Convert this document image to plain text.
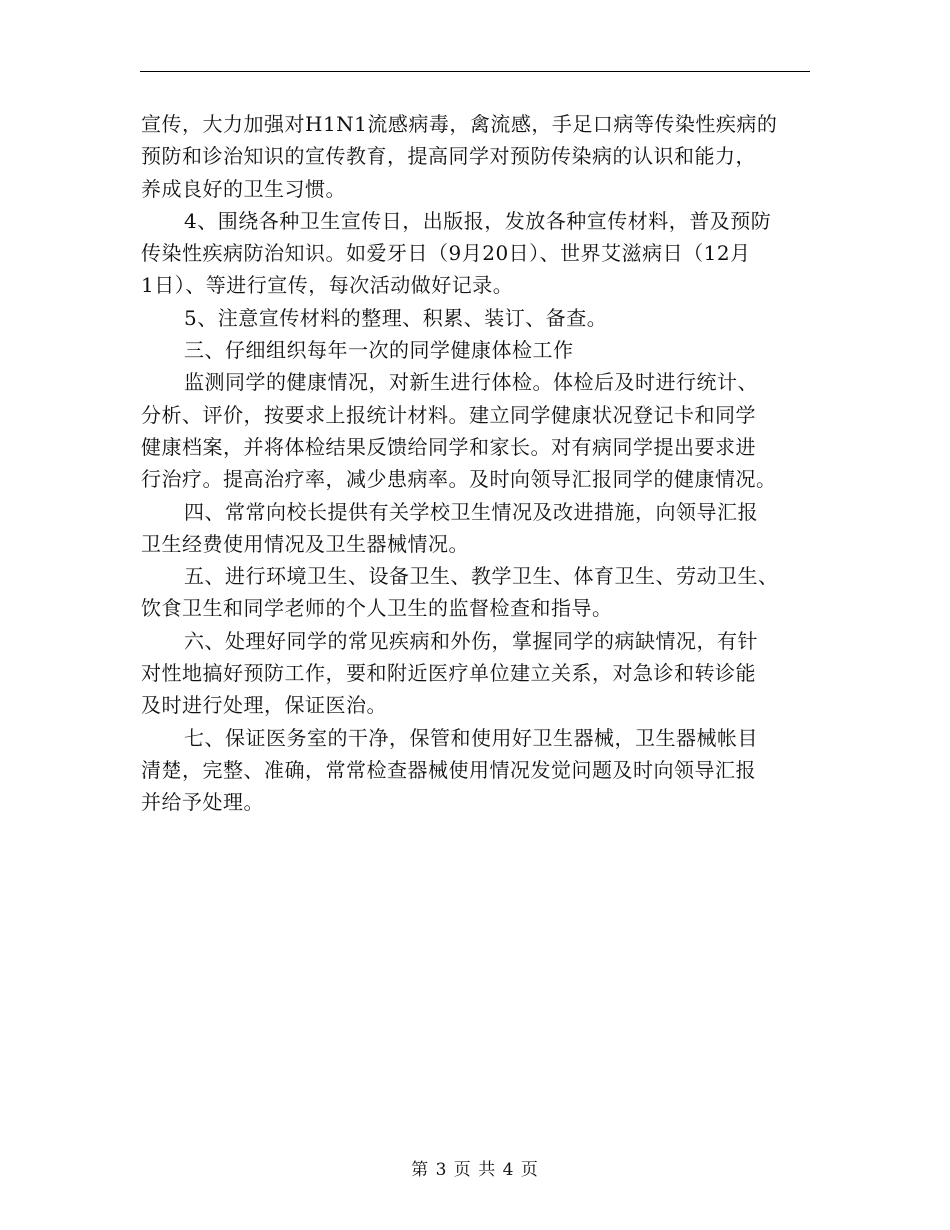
宣传，大力加强对H1N1流感病毒，禽流感，手足口病等传染性疾病的
预防和诊治知识的宣传教育，提高同学对预防传染病的认识和能力，
养成良好的卫生习惯。
4、围绕各种卫生宣传日，出版报，发放各种宣传材料，普及预防
传染性疾病防治知识。如爱牙日（9月20日）、世界艾滋病日（12月
1日）、等进行宣传，每次活动做好记录。
5、注意宣传材料的整理、积累、装订、备查。
三、仔细组织每年一次的同学健康体检工作
监测同学的健康情况，对新生进行体检。体检后及时进行统计、
分析、评价，按要求上报统计材料。建立同学健康状况登记卡和同学
健康档案，并将体检结果反馈给同学和家长。对有病同学提出要求进
行治疗。提高治疗率，减少患病率。及时向领导汇报同学的健康情况。
四、常常向校长提供有关学校卫生情况及改进措施，向领导汇报
卫生经费使用情况及卫生器械情况。
五、进行环境卫生、设备卫生、教学卫生、体育卫生、劳动卫生、
饮食卫生和同学老师的个人卫生的监督检查和指导。
六、处理好同学的常见疾病和外伤，掌握同学的病缺情况，有针
对性地搞好预防工作，要和附近医疗单位建立关系，对急诊和转诊能
及时进行处理，保证医治。
七、保证医务室的干净，保管和使用好卫生器械，卫生器械帐目
清楚，完整、准确，常常检查器械使用情况发觉问题及时向领导汇报
并给予处理。
第 3 页 共 4 页
